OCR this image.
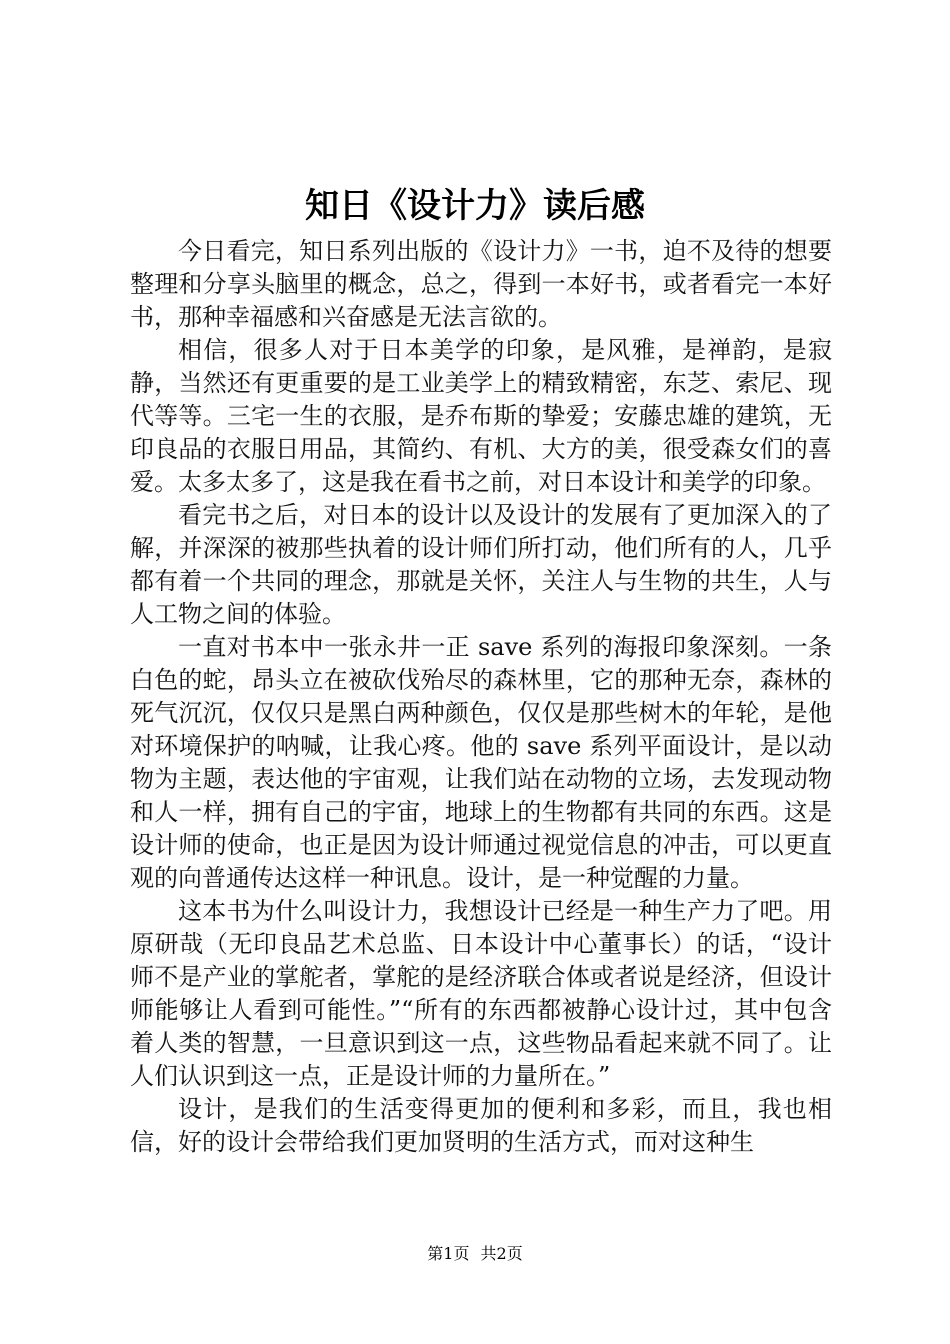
知日《设计力》读后感

今日看完，知日系列出版的《设计力》一书，迫不及待的想要整理和分享头脑里的概念，总之，得到一本好书，或者看完一本好书，那种幸福感和兴奋感是无法言欲的。

相信，很多人对于日本美学的印象，是风雅，是禅韵，是寂静，当然还有更重要的是工业美学上的精致精密，东芝、索尼、现代等等。三宅一生的衣服，是乔布斯的挚爱；安藤忠雄的建筑，无印良品的衣服日用品，其简约、有机、大方的美，很受森女们的喜爱。太多太多了，这是我在看书之前，对日本设计和美学的印象。

看完书之后，对日本的设计以及设计的发展有了更加深入的了解，并深深的被那些执着的设计师们所打动，他们所有的人，几乎都有着一个共同的理念，那就是关怀，关注人与生物的共生，人与人工物之间的体验。

一直对书本中一张永井一正 save 系列的海报印象深刻。一条白色的蛇，昂头立在被砍伐殆尽的森林里，它的那种无奈，森林的死气沉沉，仅仅只是黑白两种颜色，仅仅是那些树木的年轮，是他对环境保护的呐喊，让我心疼。他的 save 系列平面设计，是以动物为主题，表达他的宇宙观，让我们站在动物的立场，去发现动物和人一样，拥有自己的宇宙，地球上的生物都有共同的东西。这是设计师的使命，也正是因为设计师通过视觉信息的冲击，可以更直观的向普通传达这样一种讯息。设计，是一种觉醒的力量。

这本书为什么叫设计力，我想设计已经是一种生产力了吧。用原研哉（无印良品艺术总监、日本设计中心董事长）的话，“设计师不是产业的掌舵者，掌舵的是经济联合体或者说是经济，但设计师能够让人看到可能性。”“所有的东西都被静心设计过，其中包含着人类的智慧，一旦意识到这一点，这些物品看起来就不同了。让人们认识到这一点，正是设计师的力量所在。”

设计，是我们的生活变得更加的便利和多彩，而且，我也相信，好的设计会带给我们更加贤明的生活方式，而对这种生

第1页 共2页
